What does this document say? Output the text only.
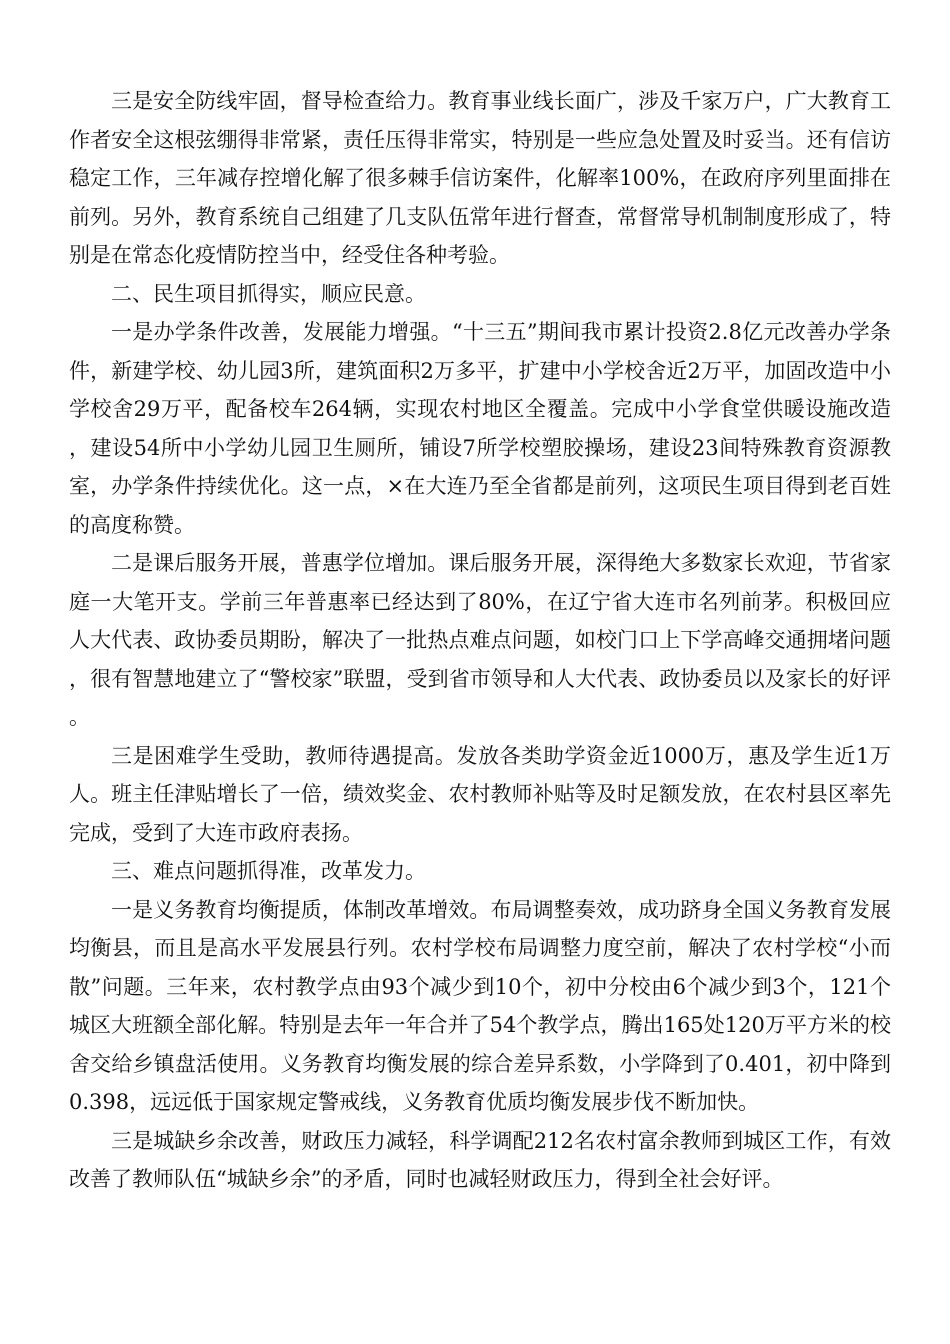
三是安全防线牢固，督导检查给力。教育事业线长面广，涉及千家万户，广大教育工作者安全这根弦绷得非常紧，责任压得非常实，特别是一些应急处置及时妥当。还有信访稳定工作，三年减存控增化解了很多棘手信访案件，化解率100%，在政府序列里面排在前列。另外，教育系统自己组建了几支队伍常年进行督查，常督常导机制制度形成了，特别是在常态化疫情防控当中，经受住各种考验。

二、民生项目抓得实，顺应民意。

一是办学条件改善，发展能力增强。“十三五”期间我市累计投资2.8亿元改善办学条件，新建学校、幼儿园3所，建筑面积2万多平，扩建中小学校舍近2万平，加固改造中小学校舍29万平，配备校车264辆，实现农村地区全覆盖。完成中小学食堂供暖设施改造，建设54所中小学幼儿园卫生厕所，铺设7所学校塑胶操场，建设23间特殊教育资源教室，办学条件持续优化。这一点，×在大连乃至全省都是前列，这项民生项目得到老百姓的高度称赞。

二是课后服务开展，普惠学位增加。课后服务开展，深得绝大多数家长欢迎，节省家庭一大笔开支。学前三年普惠率已经达到了80%，在辽宁省大连市名列前茅。积极回应人大代表、政协委员期盼，解决了一批热点难点问题，如校门口上下学高峰交通拥堵问题，很有智慧地建立了“警校家”联盟，受到省市领导和人大代表、政协委员以及家长的好评。

三是困难学生受助，教师待遇提高。发放各类助学资金近1000万，惠及学生近1万人。班主任津贴增长了一倍，绩效奖金、农村教师补贴等及时足额发放，在农村县区率先完成，受到了大连市政府表扬。

三、难点问题抓得准，改革发力。

一是义务教育均衡提质，体制改革增效。布局调整奏效，成功跻身全国义务教育发展均衡县，而且是高水平发展县行列。农村学校布局调整力度空前，解决了农村学校“小而散”问题。三年来，农村教学点由93个减少到10个，初中分校由6个减少到3个，121个城区大班额全部化解。特别是去年一年合并了54个教学点，腾出165处120万平方米的校舍交给乡镇盘活使用。义务教育均衡发展的综合差异系数，小学降到了0.401，初中降到0.398，远远低于国家规定警戒线，义务教育优质均衡发展步伐不断加快。

三是城缺乡余改善，财政压力减轻，科学调配212名农村富余教师到城区工作，有效改善了教师队伍“城缺乡余”的矛盾，同时也减轻财政压力，得到全社会好评。
